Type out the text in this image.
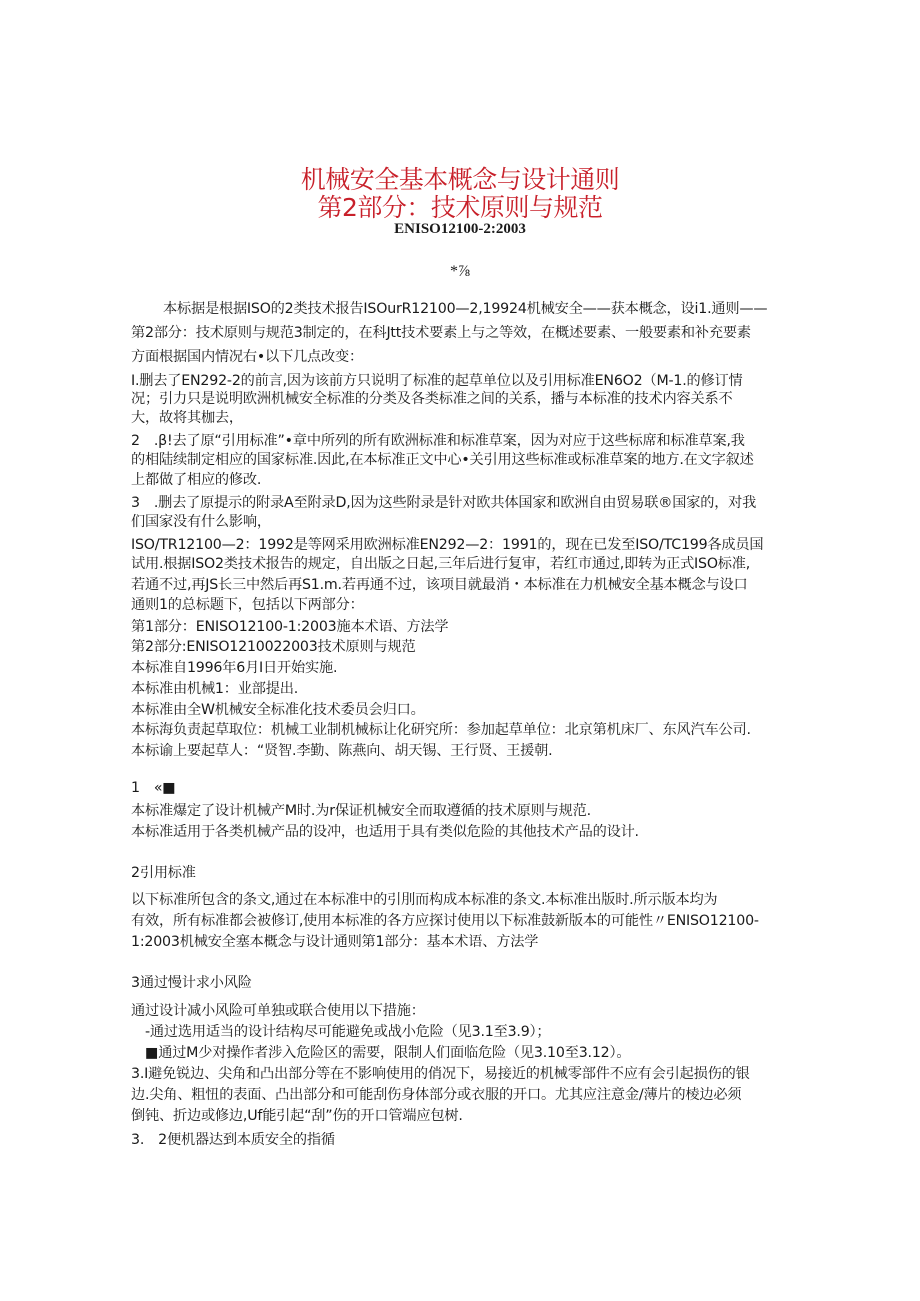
机械安全基本概念与设计通则
第2部分：技术原则与规范
ENISO12100-2:2003
*⅞
本标据是根据ISO的2类技术报告ISOurR12100—2,19924机械安全——获本概念，设i1.通则——
第2部分：技术原则与规范3制定的，在科Jtt技术要素上与之等效，在概述要素、一般要素和补充要素
方面根据国内情况右•以下几点改变：
I.删去了EN292-2的前言,因为该前方只说明了标准的起草单位以及引用标准EN6O2（M-1.的修订情
况；引力只是说明欧洲机械安全标准的分类及各类标准之间的关系，播与本标准的技术内容关系不
大，故将其枷去，
2　.β!去了原“引用标准”•章中所列的所有欧洲标准和标准草案，因为对应于这些标席和标准草案,我
的相陆续制定相应的国家标准.因此,在本标准正文中心•关引用这些标准或标准草案的地方.在文字叙述
上都做了相应的修改.
3　.删去了原提示的附录A至附录D,因为这些附录是针对欧共体国家和欧洲自由贸易联®国家的，对我
们国家没有什么影响，
ISO/TR12100—2：1992是等网采用欧洲标准EN292—2：1991的，现在已发至ISO/TC199各成员国
试用.根据ISO2类技术报告的规定，自出版之日起,三年后进行复审，若红市通过,即转为正式ISO标准,
若通不过,再JS长三中然后再S1.m.若再通不过，该项目就最消・本标准在力机械安全基本概念与设口
通则1的总标题下，包括以下两部分：
第1部分：ENISO12100-1:2003施本术语、方法学
第2部分:ENISO1210022003技术原则与规范
本标准自1996年6月I日开始实施.
本标准由机械1：业部提出.
本标准由全W机械安全标准化技术委员会归口。
本标海负责起草取位：机械工业制机械标让化研究所：参加起草单位：北京第机床厂、东风汽车公司.
本标谕上要起草人：“贤智.李勤、陈燕向、胡天锡、王行贤、王援朝.
1　«■
本标准爆定了设计机械产M时.为r保证机械安全而取遵循的技术原则与规范.
本标准适用于各类机械产品的设冲，也适用于具有类似危险的其他技术产品的设计.
2引用标准
以下标准所包含的条文,通过在本标准中的引刖而构成本标准的条文.本标准出版时.所示版本均为
有效，所有标准都会被修订,使用本标准的各方应探讨使用以下标准鼓新版本的可能性〃ENISO12100-
1:2003机械安全塞本概念与设计通则第1部分：基本术语、方法学
3通过慢计求小风险
通过设计减小风险可单独或联合使用以下措施：
-通过选用适当的设计结构尽可能避免或战小危险（见3.1至3.9）；
■通过M少对操作者涉入危险区的需要，限制人们面临危险（见3.10至3.12）。
3.I避免锐边、尖角和凸出部分等在不影响使用的俏况下，易接近的机械零部件不应有会引起损伤的银
边.尖角、粗忸的表面、凸出部分和可能刮伤身体部分或衣服的开口。尤其应注意金/薄片的棱边必须
倒钝、折边或修边,Uf能引起“刮”伤的开口管端应包树.
3.　2便机器达到本质安全的指循
